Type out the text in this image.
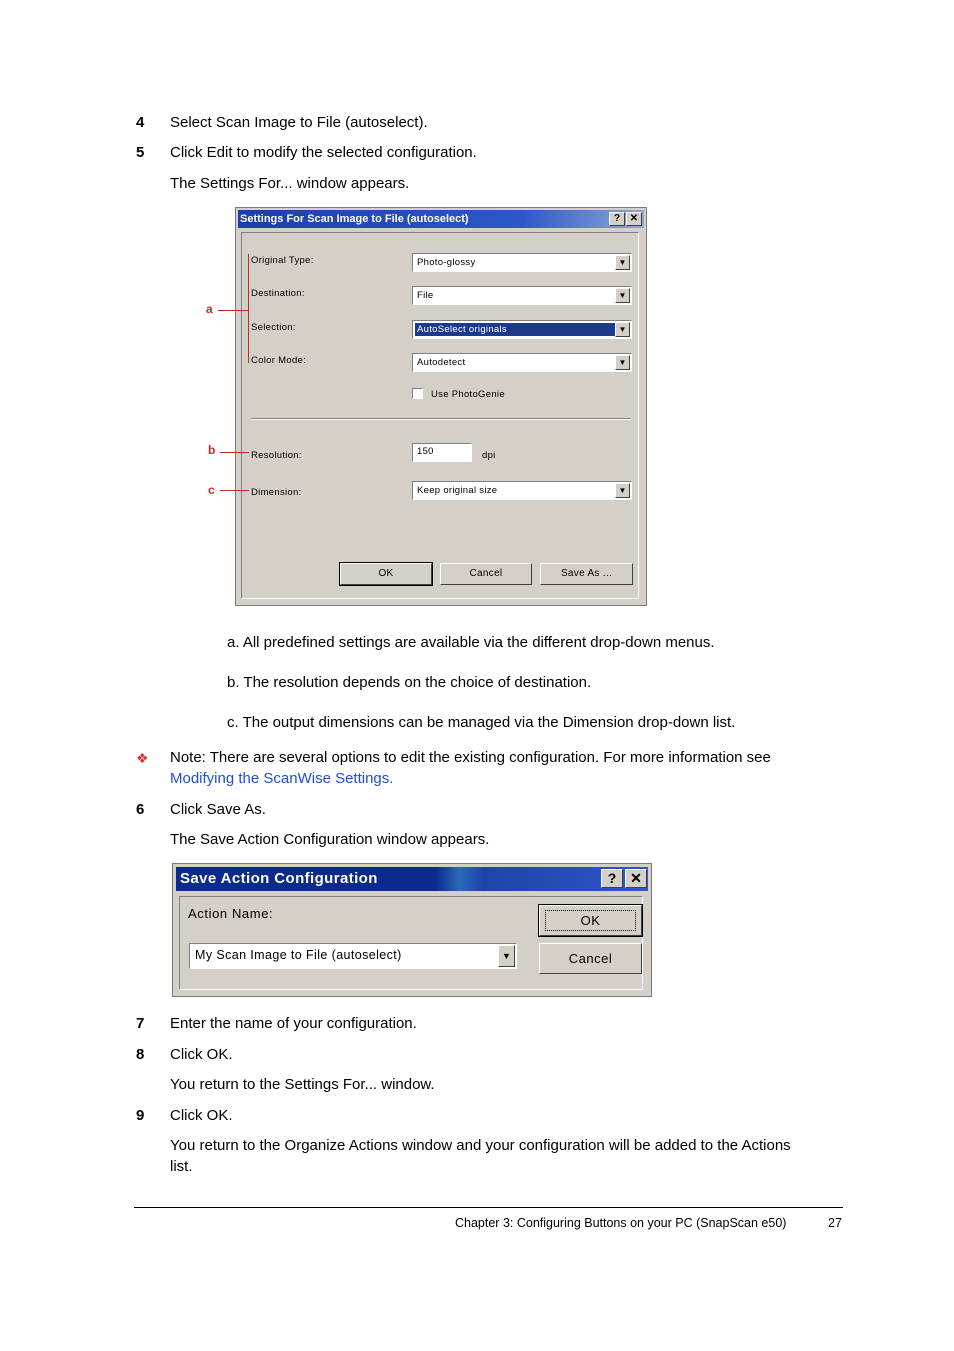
4 Select Scan Image to File (autoselect).
5 Click Edit to modify the selected configuration.
The Settings For... window appears.
Settings For Scan Image to File (autoselect)	? ✕
Original Type:	Photo-glossy	▼
Destination:	File	▼
Selection:	AutoSelect originals	▼
Color Mode:	Autodetect	▼
Use PhotoGenie
Resolution:	150	dpi
Dimension:	Keep original size	▼
OK	Cancel	Save As ...
a
b
c
a. All predefined settings are available via the different drop-down menus.
b. The resolution depends on the choice of destination.
c. The output dimensions can be managed via the Dimension drop-down list.
❖ Note: There are several options to edit the existing configuration. For more information see
Modifying the ScanWise Settings.
6 Click Save As.
The Save Action Configuration window appears.
Save Action Configuration	? ✕
Action Name:
My Scan Image to File (autoselect)	▼
OK
Cancel
7 Enter the name of your configuration.
8 Click OK.
You return to the Settings For... window.
9 Click OK.
You return to the Organize Actions window and your configuration will be added to the Actions
list.
Chapter 3: Configuring Buttons on your PC (SnapScan e50)	27
